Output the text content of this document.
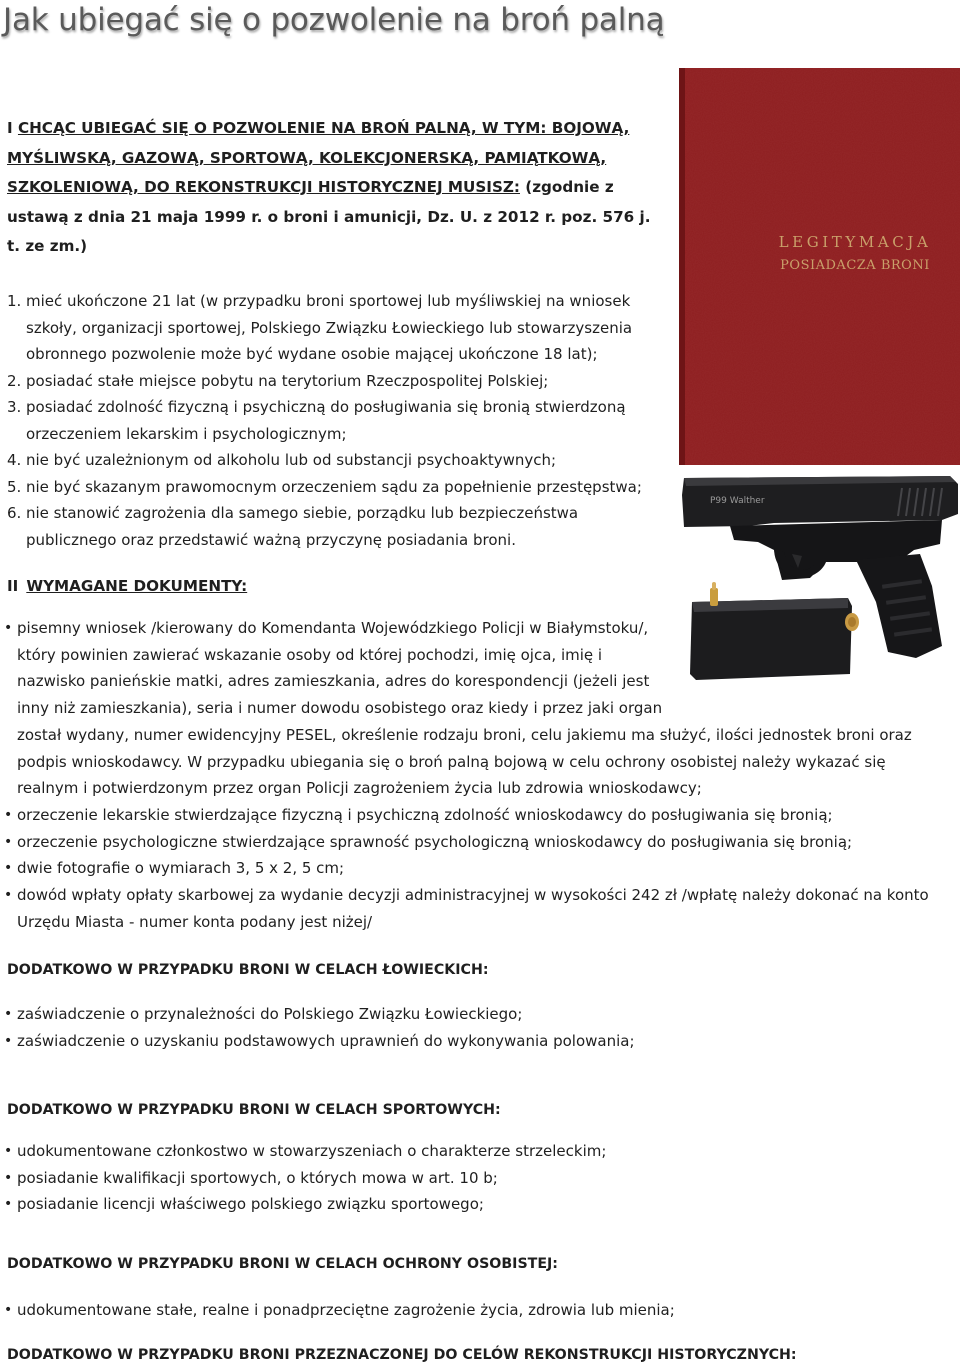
Jak ubiegać się o pozwolenie na broń palną
I CHCĄC UBIEGAĆ SIĘ O POZWOLENIE NA BROŃ PALNĄ, W TYM: BOJOWĄ, MYŚLIWSKĄ, GAZOWĄ, SPORTOWĄ, KOLEKCJONERSKĄ, PAMIĄTKOWĄ, SZKOLENIOWĄ, DO REKONSTRUKCJI HISTORYCZNEJ MUSISZ: (zgodnie z ustawą z dnia 21 maja 1999 r. o broni i amunicji, Dz. U. z 2012 r. poz. 576 j. t. ze zm.)
1. mieć ukończone 21 lat (w przypadku broni sportowej lub myśliwskiej na wniosek szkoły, organizacji sportowej, Polskiego Związku Łowieckiego lub stowarzyszenia obronnego pozwolenie może być wydane osobie mającej ukończone 18 lat);
2. posiadać stałe miejsce pobytu na terytorium Rzeczpospolitej Polskiej;
3. posiadać zdolność fizyczną i psychiczną do posługiwania się bronią stwierdzoną orzeczeniem lekarskim i psychologicznym;
4. nie być uzależnionym od alkoholu lub od substancji psychoaktywnych;
5. nie być skazanym prawomocnym orzeczeniem sądu za popełnienie przestępstwa;
6. nie stanowić zagrożenia dla samego siebie, porządku lub bezpieczeństwa publicznego oraz przedstawić ważną przyczynę posiadania broni.
II WYMAGANE DOKUMENTY:
• pisemny wniosek /kierowany do Komendanta Wojewódzkiego Policji w Białymstoku/,
który powinien zawierać wskazanie osoby od której pochodzi, imię ojca, imię i
nazwisko panieńskie matki, adres zamieszkania, adres do korespondencji (jeżeli jest
inny niż zamieszkania), seria i numer dowodu osobistego oraz kiedy i przez jaki organ
został wydany, numer ewidencyjny PESEL, określenie rodzaju broni, celu jakiemu ma służyć, ilości jednostek broni oraz
podpis wnioskodawcy. W przypadku ubiegania się o broń palną bojową w celu ochrony osobistej należy wykazać się
realnym i potwierdzonym przez organ Policji zagrożeniem życia lub zdrowia wnioskodawcy;
• orzeczenie lekarskie stwierdzające fizyczną i psychiczną zdolność wnioskodawcy do posługiwania się bronią;
• orzeczenie psychologiczne stwierdzające sprawność psychologiczną wnioskodawcy do posługiwania się bronią;
• dwie fotografie o wymiarach 3, 5 x 2, 5 cm;
• dowód wpłaty opłaty skarbowej za wydanie decyzji administracyjnej w wysokości 242 zł /wpłatę należy dokonać na konto Urzędu Miasta - numer konta podany jest niżej/
DODATKOWO W PRZYPADKU BRONI W CELACH ŁOWIECKICH:
• zaświadczenie o przynależności do Polskiego Związku Łowieckiego;
• zaświadczenie o uzyskaniu podstawowych uprawnień do wykonywania polowania;
DODATKOWO W PRZYPADKU BRONI W CELACH SPORTOWYCH:
• udokumentowane członkostwo w stowarzyszeniach o charakterze strzeleckim;
• posiadanie kwalifikacji sportowych, o których mowa w art. 10 b;
• posiadanie licencji właściwego polskiego związku sportowego;
DODATKOWO W PRZYPADKU BRONI W CELACH OCHRONY OSOBISTEJ:
• udokumentowane stałe, realne i ponadprzeciętne zagrożenie życia, zdrowia lub mienia;
DODATKOWO W PRZYPADKU BRONI PRZEZNACZONEJ DO CELÓW REKONSTRUKCJI HISTORYCZNYCH:
LEGITYMACJA
POSIADACZA BRONI
P99 Walther
